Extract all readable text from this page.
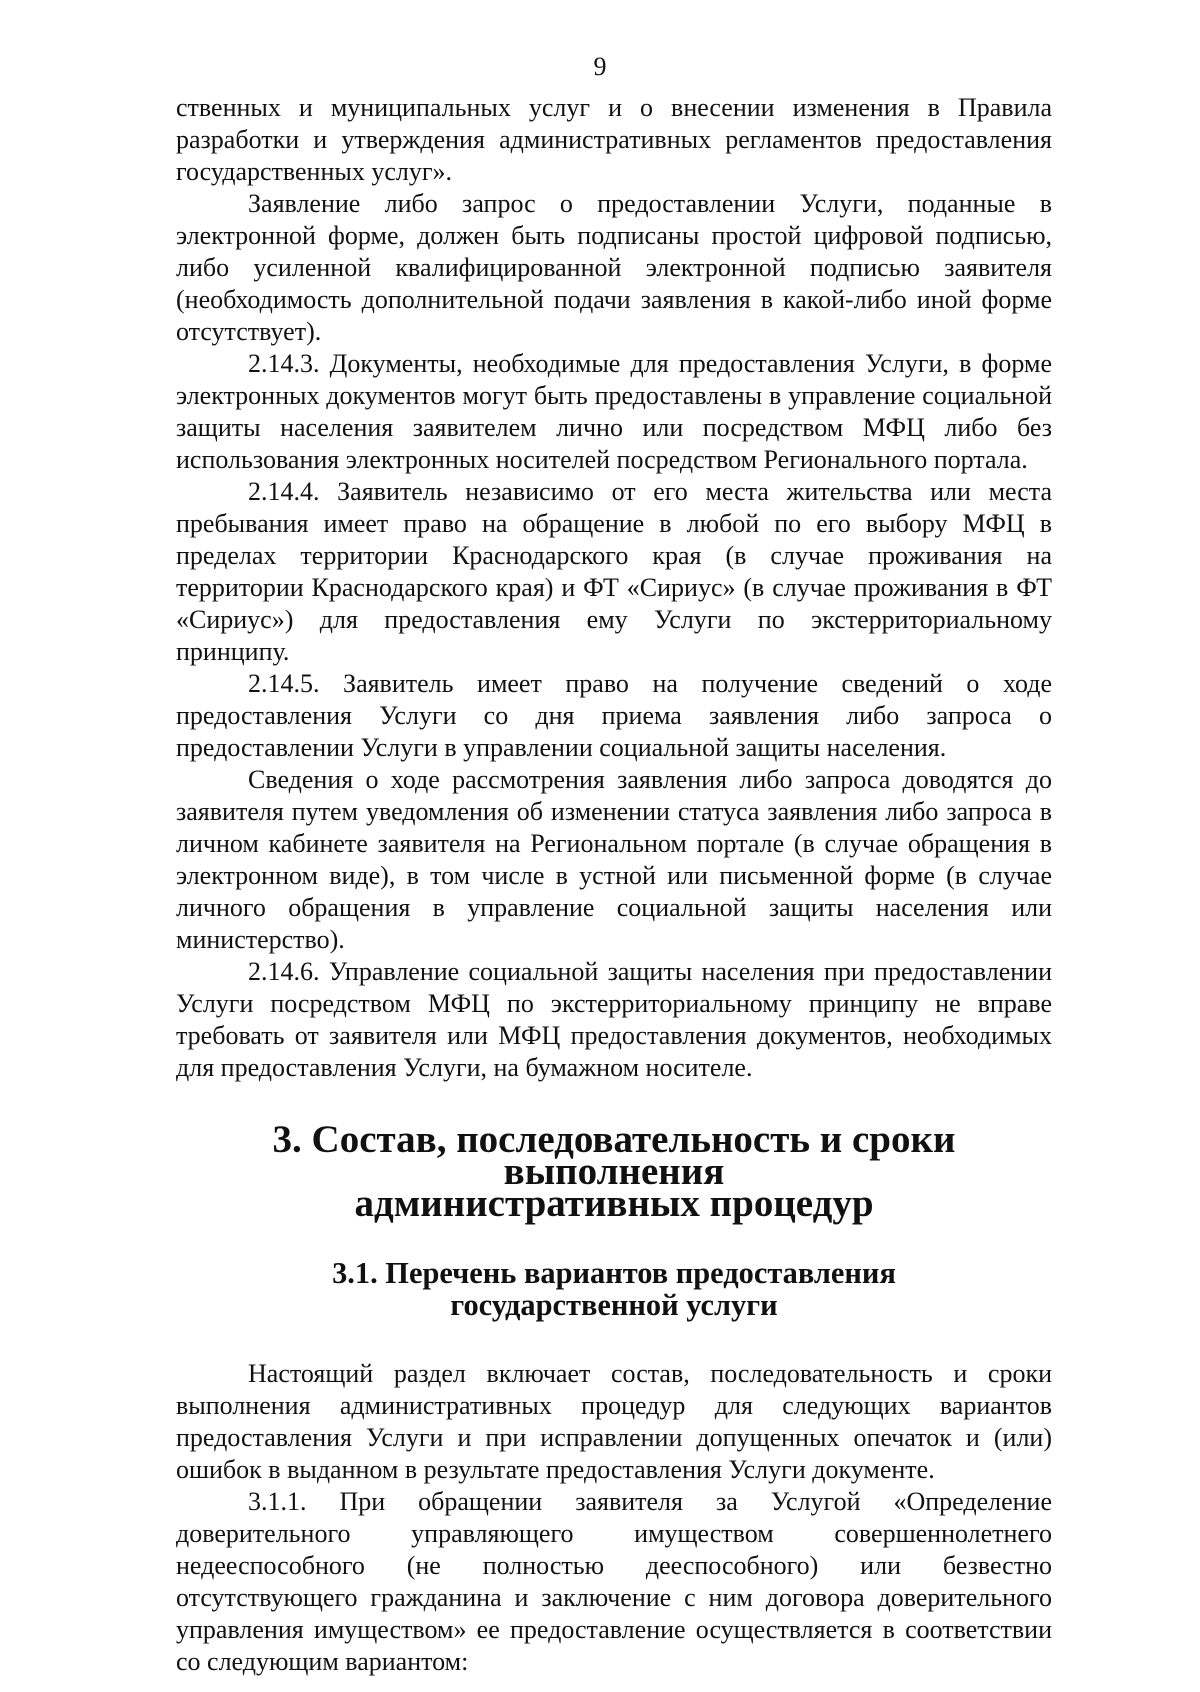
9

ственных и муниципальных услуг и о внесении изменения в Правила разработки и утверждения административных регламентов предоставления государственных услуг».

Заявление либо запрос о предоставлении Услуги, поданные в электронной форме, должен быть подписаны простой цифровой подписью, либо усиленной квалифицированной электронной подписью заявителя (необходимость дополнительной подачи заявления в какой-либо иной форме отсутствует).

2.14.3. Документы, необходимые для предоставления Услуги, в форме электронных документов могут быть предоставлены в управление социальной защиты населения заявителем лично или посредством МФЦ либо без использования электронных носителей посредством Регионального портала.

2.14.4. Заявитель независимо от его места жительства или места пребывания имеет право на обращение в любой по его выбору МФЦ в пределах территории Краснодарского края (в случае проживания на территории Краснодарского края) и ФТ «Сириус» (в случае проживания в ФТ «Сириус») для предоставления ему Услуги по экстерриториальному принципу.

2.14.5. Заявитель имеет право на получение сведений о ходе предоставления Услуги со дня приема заявления либо запроса о предоставлении Услуги в управлении социальной защиты населения.

Сведения о ходе рассмотрения заявления либо запроса доводятся до заявителя путем уведомления об изменении статуса заявления либо запроса в личном кабинете заявителя на Региональном портале (в случае обращения в электронном виде), в том числе в устной или письменной форме (в случае личного обращения в управление социальной защиты населения или министерство).

2.14.6. Управление социальной защиты населения при предоставлении Услуги посредством МФЦ по экстерриториальному принципу не вправе требовать от заявителя или МФЦ предоставления документов, необходимых для предоставления Услуги, на бумажном носителе.

3. Состав, последовательность и сроки выполнения
административных процедур
3.1. Перечень вариантов предоставления
государственной услуги

Настоящий раздел включает состав, последовательность и сроки выполнения административных процедур для следующих вариантов предоставления Услуги и при исправлении допущенных опечаток и (или) ошибок в выданном в результате предоставления Услуги документе.

3.1.1. При обращении заявителя за Услугой «Определение доверительного управляющего имуществом совершеннолетнего недееспособного (не полностью дееспособного) или безвестно отсутствующего гражданина и заключение с ним договора доверительного управления имуществом» ее предоставление осуществляется в соответствии со следующим вариантом:
